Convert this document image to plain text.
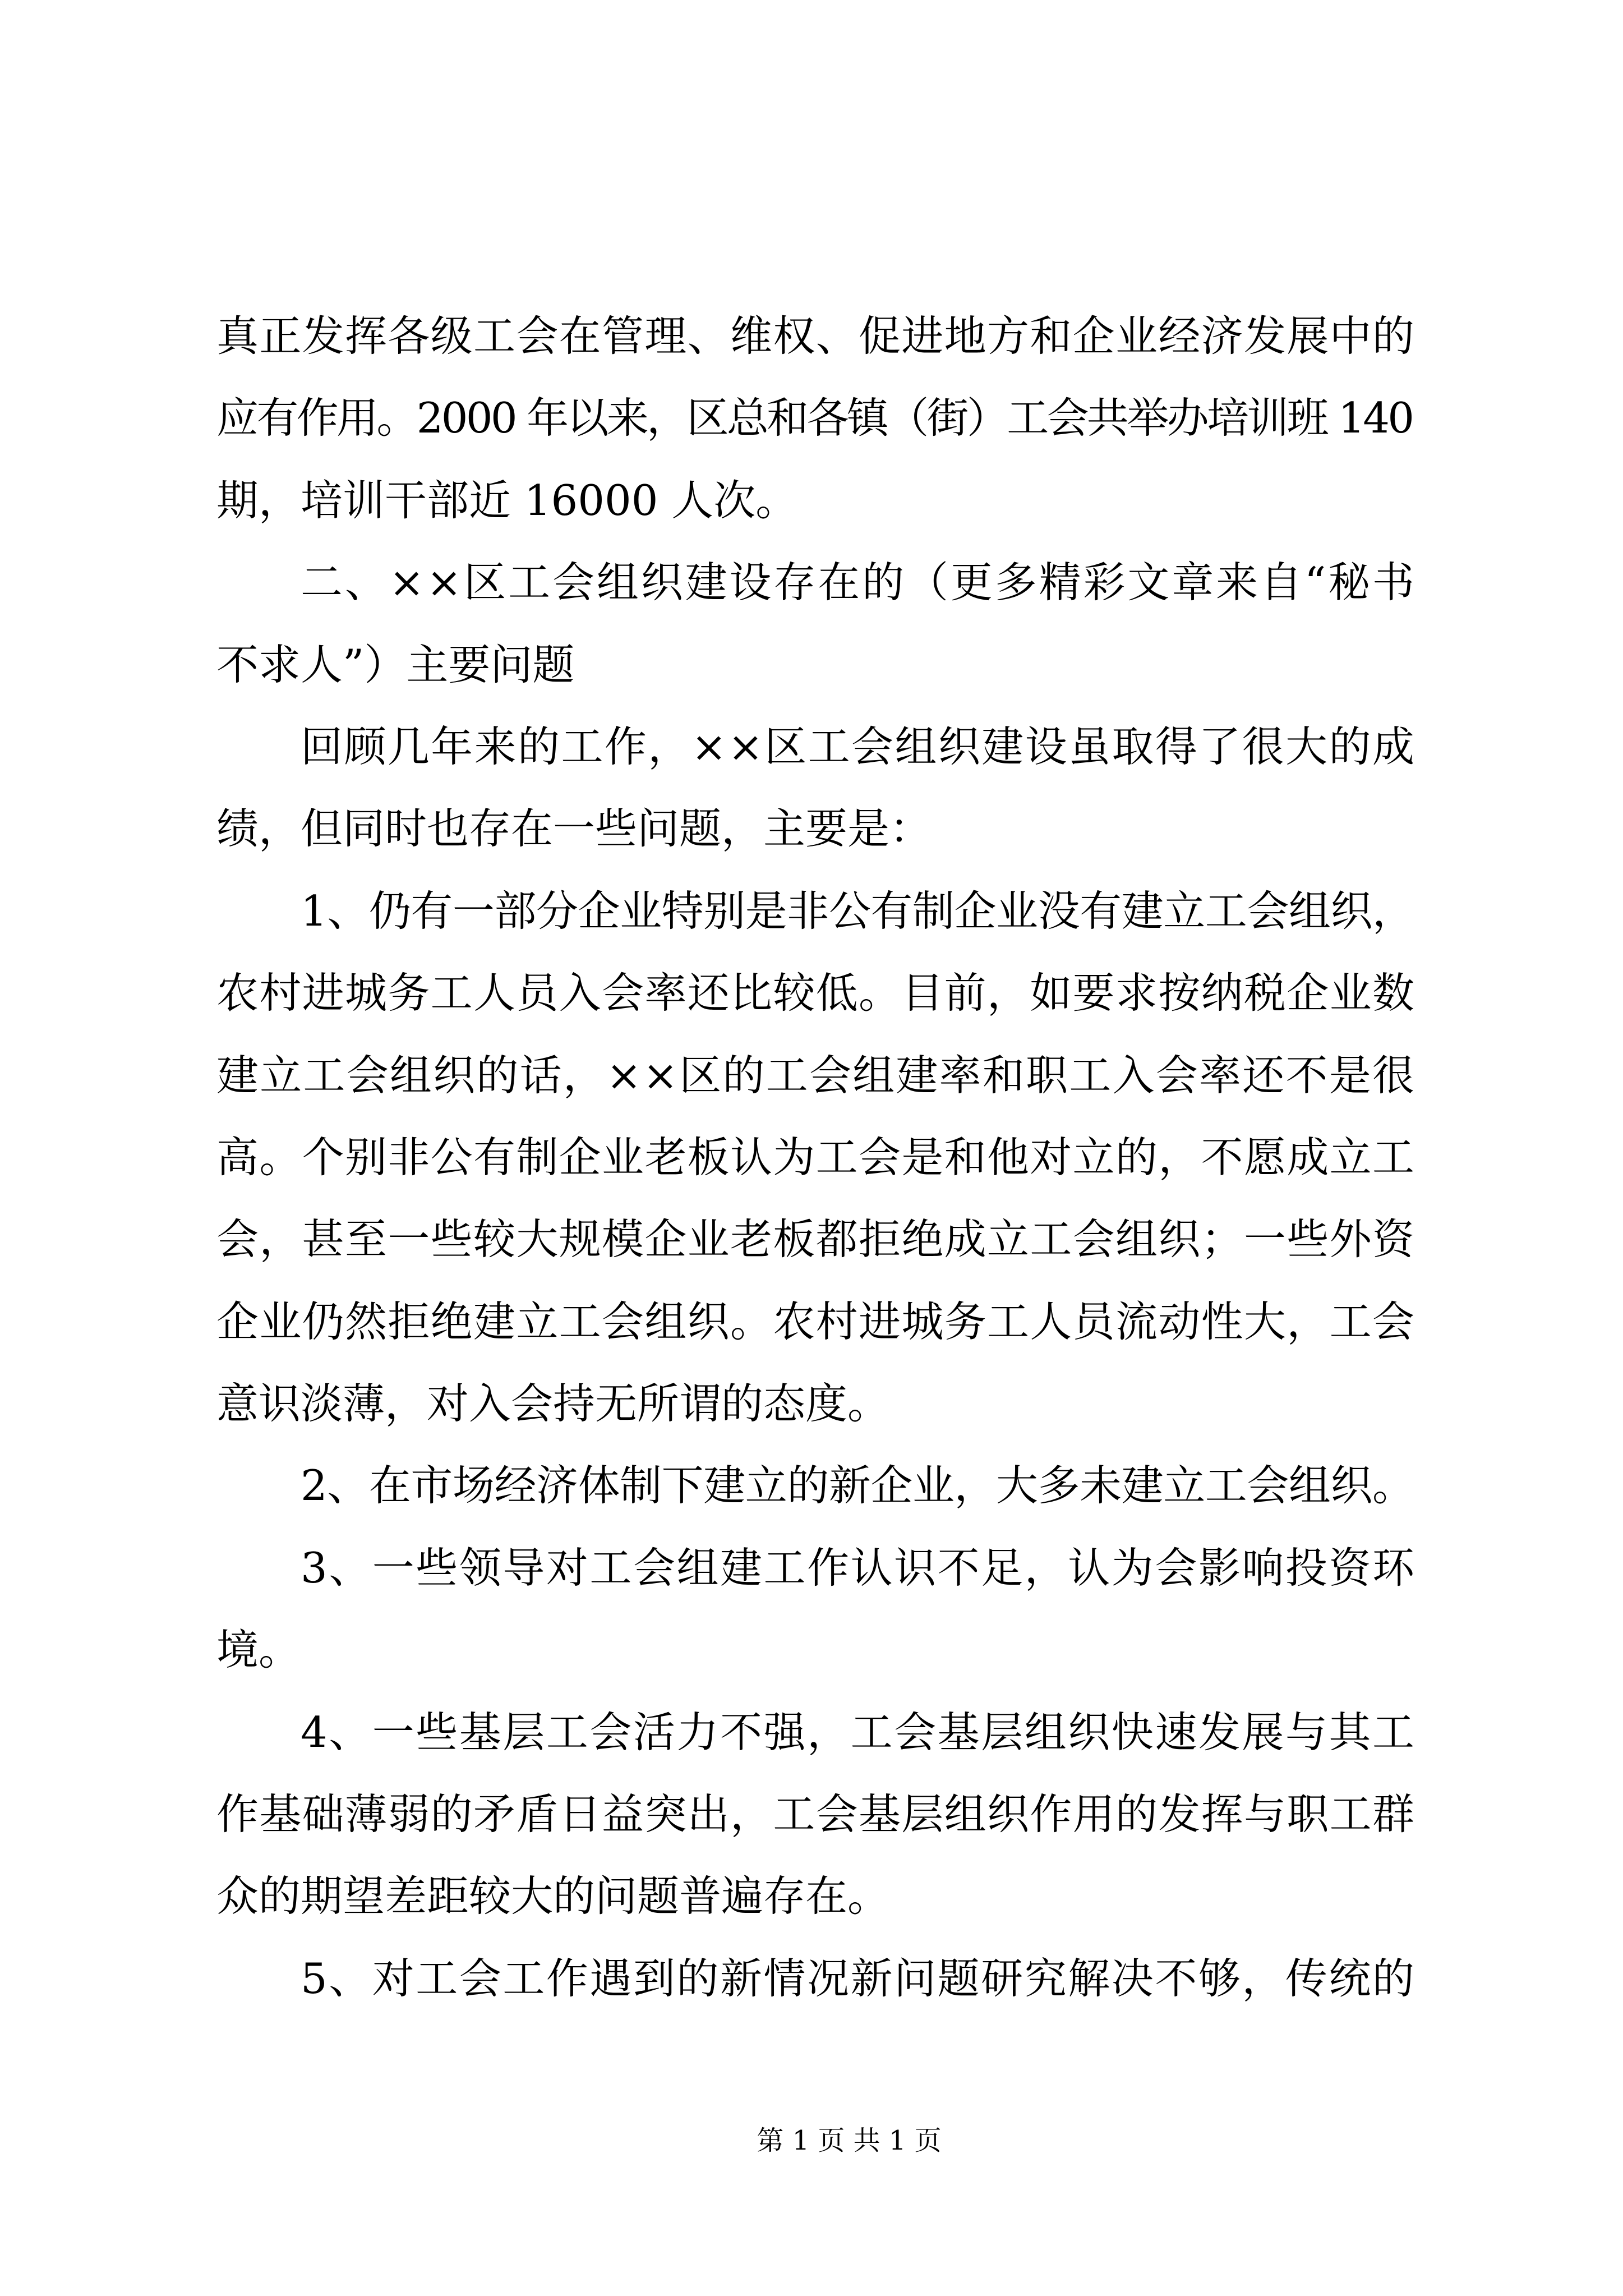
真正发挥各级工会在管理、维权、促进地方和企业经济发展中的
应有作用。2000 年以来，区总和各镇（街）工会共举办培训班 140
期，培训干部近 16000 人次。
二、××区工会组织建设存在的（更多精彩文章来自“秘书
不求人”）主要问题
回顾几年来的工作，××区工会组织建设虽取得了很大的成
绩，但同时也存在一些问题，主要是：
1、仍有一部分企业特别是非公有制企业没有建立工会组织，
农村进城务工人员入会率还比较低。目前，如要求按纳税企业数
建立工会组织的话，××区的工会组建率和职工入会率还不是很
高。个别非公有制企业老板认为工会是和他对立的，不愿成立工
会，甚至一些较大规模企业老板都拒绝成立工会组织；一些外资
企业仍然拒绝建立工会组织。农村进城务工人员流动性大，工会
意识淡薄，对入会持无所谓的态度。
2、在市场经济体制下建立的新企业，大多未建立工会组织。
3、一些领导对工会组建工作认识不足，认为会影响投资环
境。
4、一些基层工会活力不强，工会基层组织快速发展与其工
作基础薄弱的矛盾日益突出，工会基层组织作用的发挥与职工群
众的期望差距较大的问题普遍存在。
5、对工会工作遇到的新情况新问题研究解决不够，传统的
第 1 页 共 1 页
